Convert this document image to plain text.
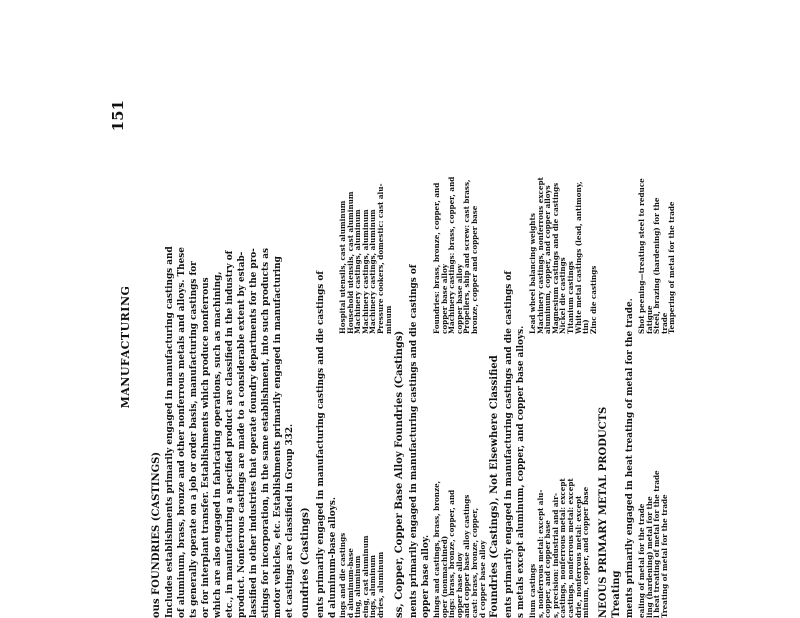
MANUFACTURING
151
ous FOUNDRIES (CASTINGS) Includes establishments primarily engaged in manufacturing castings and of aluminum, brass, bronze and other nonferrous metals and alloys. These ts generally operate on a job or order basis, manufacturing castings for or for interplant transfer. Establishments which produce nonferrous which are also engaged in fabricating operations, such as machining, etc., in manufacturing a specified product are classified in the industry of product. Nonferrous castings are made to a considerable extent by estab- lassified in other industries that operate foundry departments for the pro- stings for incorporation, in the same establishment, into such products as motor vehicles, etc. Establishments primarily engaged in manufacturing et castings are classified in Group 332. oundries (Castings) ents primarily engaged in manufacturing castings and die castings of d aluminum-base alloys. ings and die castings
d aluminum-base
ting, aluminum
eing, cast aluminum
ings, aluminum
dries, aluminum
Hospital utensils, cast aluminum
Household utensils, cast aluminum
Machinery castings, aluminum
Machinery castings, aluminum
Machinery castings, aluminum
Pressure cookers, domestic: cast alu-
minum
ss, Copper, Copper Base Alloy Foundries (Castings) nents primarily engaged in manufacturing castings and die castings of opper base alloy. hings and castings, brass, bronze,
oper (nonmachined)
ings: brass, bronze, copper, and
opper base alloy
and copper base alloy castings
cast: brass, bronze, copper,
d copper base alloy
Foundries: brass, bronze, copper, and
copper base alloy
Machinery castings: brass, copper, and
copper base alloy
Propellers, ship and screw: cast brass,
bronze, copper and copper base
Foundries (Castings), Not Elsewhere Classified ents primarily engaged in manufacturing castings and die castings of s metals except aluminum, copper, and copper base alloys. lium castings
s, nonferrous metal: except alu-
copper, and copper base
s, precision: industrial and air-
castings, nonferrous metal: except
castings, nonferrous metal: except
drie, nonferrous metal: except
minum, copper, and copper base
Lead wheel balancing weights
Machinery castings, nonferrous except
aluminum, copper, and copper alloys
Magnesium castings and die castings
Nickel die castings
Titanium castings
White metal castings (lead, antimony,
tin)
Zinc die castings
NEOUS PRIMARY METAL PRODUCTS Treating ments primarily engaged in heat treating of metal for the trade. ealing of metal for the trade
ling (hardening) metal for the
l heat treating of metal for the trade
Treating of metal for the trade
Shot peening—treating steel to reduce
fatigue
Steel, brazing (hardening) for the
trade
Tempering of metal for the trade
